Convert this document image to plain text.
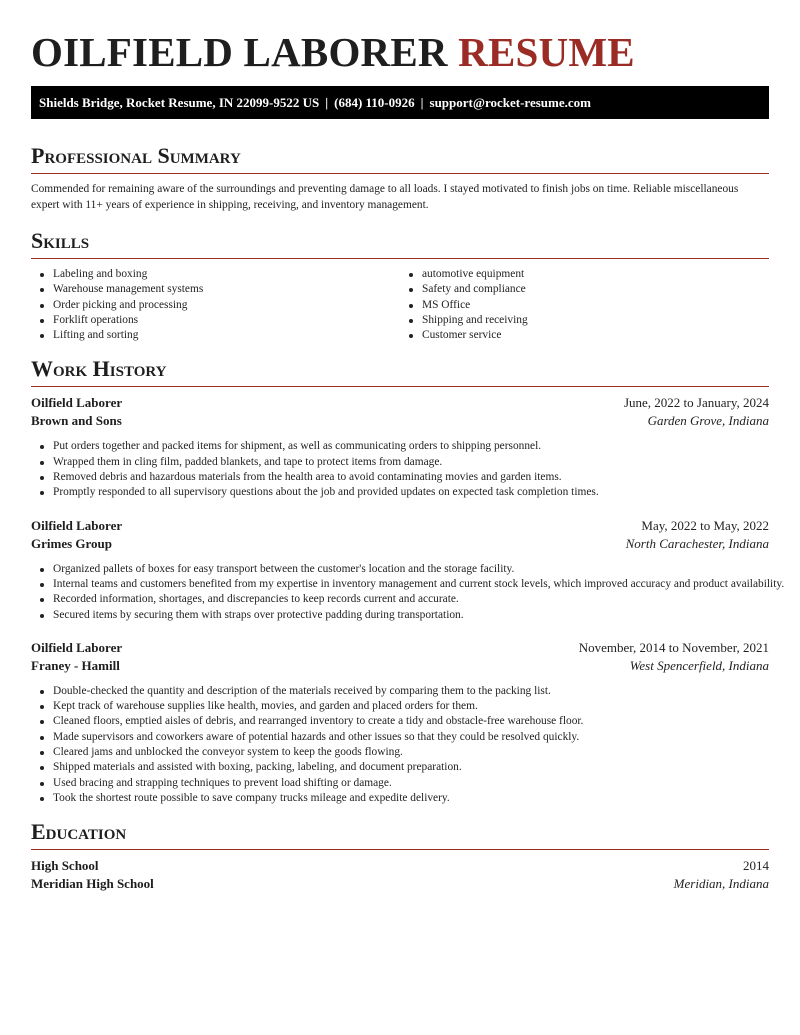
OILFIELD LABORER RESUME
Shields Bridge, Rocket Resume, IN 22099-9522 US | (684) 110-0926 | support@rocket-resume.com
Professional Summary

Commended for remaining aware of the surroundings and preventing damage to all loads. I stayed motivated to finish jobs on time. Reliable miscellaneous expert with 11+ years of experience in shipping, receiving, and inventory management.

Skills
Labeling and boxing
Warehouse management systems
Order picking and processing
Forklift operations
Lifting and sorting
automotive equipment
Safety and compliance
MS Office
Shipping and receiving
Customer service
Work History
Oilfield Laborer	June, 2022 to January, 2024
Brown and Sons	Garden Grove, Indiana
Put orders together and packed items for shipment, as well as communicating orders to shipping personnel.
Wrapped them in cling film, padded blankets, and tape to protect items from damage.
Removed debris and hazardous materials from the health area to avoid contaminating movies and garden items.
Promptly responded to all supervisory questions about the job and provided updates on expected task completion times.
Oilfield Laborer	May, 2022 to May, 2022
Grimes Group	North Carachester, Indiana
Organized pallets of boxes for easy transport between the customer's location and the storage facility.
Internal teams and customers benefited from my expertise in inventory management and current stock levels, which improved accuracy and product availability.
Recorded information, shortages, and discrepancies to keep records current and accurate.
Secured items by securing them with straps over protective padding during transportation.
Oilfield Laborer	November, 2014 to November, 2021
Franey - Hamill	West Spencerfield, Indiana
Double-checked the quantity and description of the materials received by comparing them to the packing list.
Kept track of warehouse supplies like health, movies, and garden and placed orders for them.
Cleaned floors, emptied aisles of debris, and rearranged inventory to create a tidy and obstacle-free warehouse floor.
Made supervisors and coworkers aware of potential hazards and other issues so that they could be resolved quickly.
Cleared jams and unblocked the conveyor system to keep the goods flowing.
Shipped materials and assisted with boxing, packing, labeling, and document preparation.
Used bracing and strapping techniques to prevent load shifting or damage.
Took the shortest route possible to save company trucks mileage and expedite delivery.
Education
High School	2014
Meridian High School	Meridian, Indiana
